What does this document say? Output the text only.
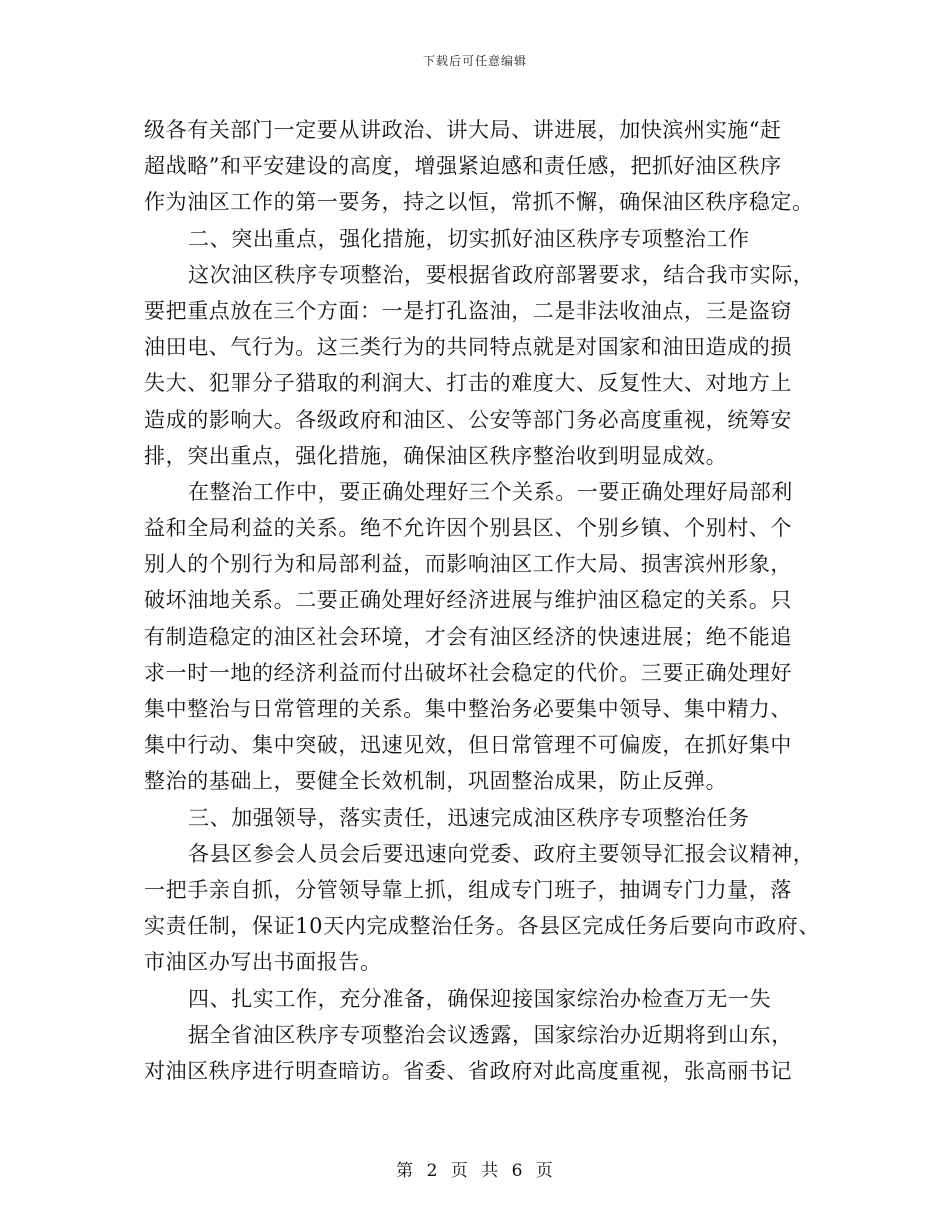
下载后可任意编辑
级各有关部门一定要从讲政治、讲大局、讲进展，加快滨州实施“赶
超战略”和平安建设的高度，增强紧迫感和责任感，把抓好油区秩序
作为油区工作的第一要务，持之以恒，常抓不懈，确保油区秩序稳定。
二、突出重点，强化措施，切实抓好油区秩序专项整治工作
这次油区秩序专项整治，要根据省政府部署要求，结合我市实际，
要把重点放在三个方面：一是打孔盗油，二是非法收油点，三是盗窃
油田电、气行为。这三类行为的共同特点就是对国家和油田造成的损
失大、犯罪分子猎取的利润大、打击的难度大、反复性大、对地方上
造成的影响大。各级政府和油区、公安等部门务必高度重视，统筹安
排，突出重点，强化措施，确保油区秩序整治收到明显成效。
在整治工作中，要正确处理好三个关系。一要正确处理好局部利
益和全局利益的关系。绝不允许因个别县区、个别乡镇、个别村、个
别人的个别行为和局部利益，而影响油区工作大局、损害滨州形象，
破坏油地关系。二要正确处理好经济进展与维护油区稳定的关系。只
有制造稳定的油区社会环境，才会有油区经济的快速进展；绝不能追
求一时一地的经济利益而付出破坏社会稳定的代价。三要正确处理好
集中整治与日常管理的关系。集中整治务必要集中领导、集中精力、
集中行动、集中突破，迅速见效，但日常管理不可偏废，在抓好集中
整治的基础上，要健全长效机制，巩固整治成果，防止反弹。
三、加强领导，落实责任，迅速完成油区秩序专项整治任务
各县区参会人员会后要迅速向党委、政府主要领导汇报会议精神，
一把手亲自抓，分管领导靠上抓，组成专门班子，抽调专门力量，落
实责任制，保证10天内完成整治任务。各县区完成任务后要向市政府、
市油区办写出书面报告。
四、扎实工作，充分准备，确保迎接国家综治办检查万无一失
据全省油区秩序专项整治会议透露，国家综治办近期将到山东，
对油区秩序进行明查暗访。省委、省政府对此高度重视，张高丽书记
第 2 页 共 6 页
